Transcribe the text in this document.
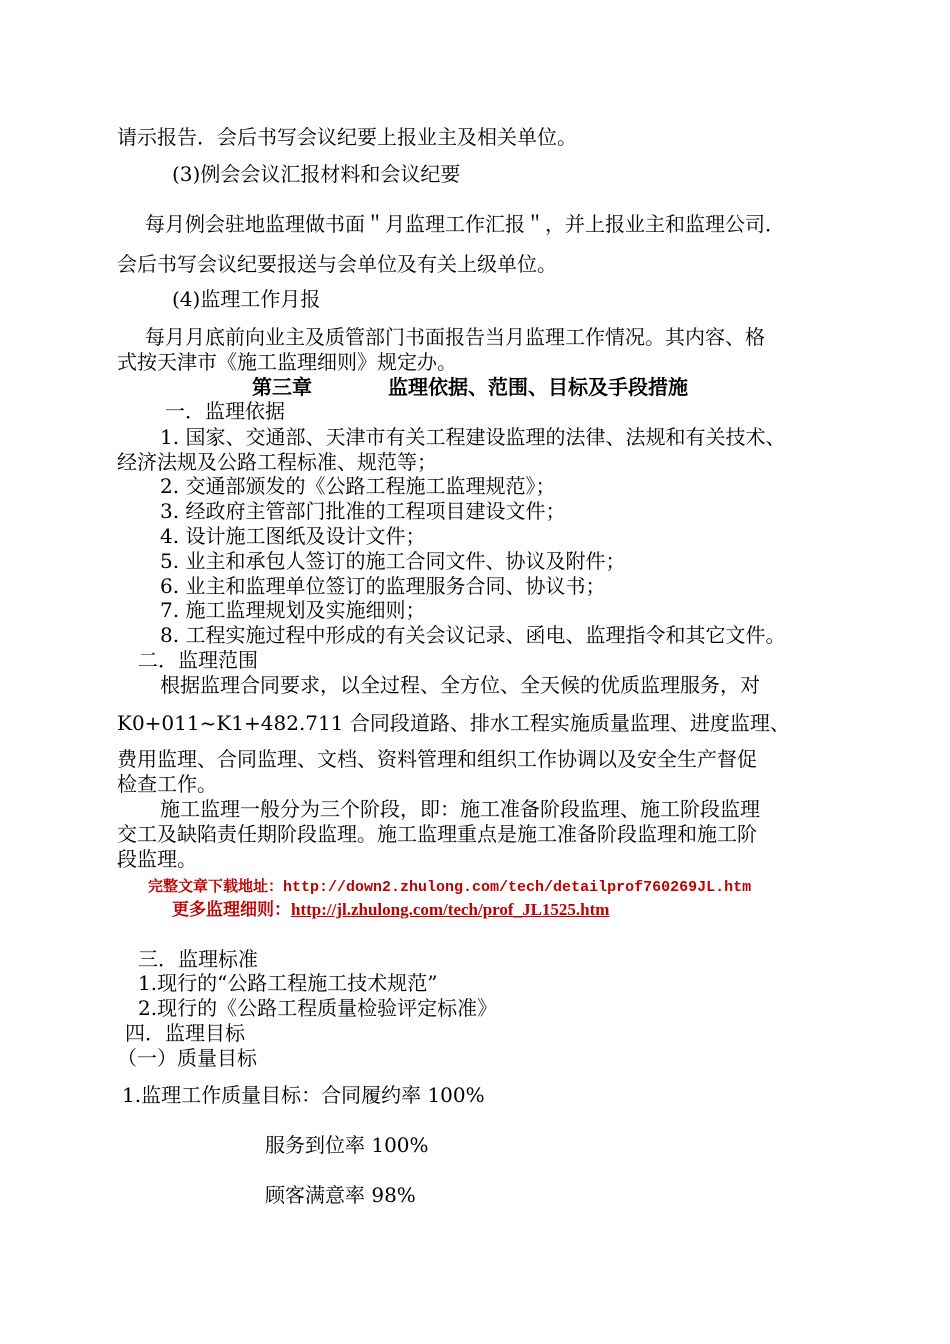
请示报告．会后书写会议纪要上报业主及相关单位。

(3)例会会议汇报材料和会议纪要

每月例会驻地监理做书面＂月监理工作汇报＂，并上报业主和监理公司．

会后书写会议纪要报送与会单位及有关上级单位。

(4)监理工作月报

每月月底前向业主及质管部门书面报告当月监理工作情况。其内容、格

式按天津市《施工监理细则》规定办。

第三章	监理依据、范围、目标及手段措施

一．监理依据

1. 国家、交通部、天津市有关工程建设监理的法律、法规和有关技术、

经济法规及公路工程标准、规范等；

2. 交通部颁发的《公路工程施工监理规范》；

3. 经政府主管部门批准的工程项目建设文件；

4. 设计施工图纸及设计文件；

5. 业主和承包人签订的施工合同文件、协议及附件；

6. 业主和监理单位签订的监理服务合同、协议书；

7. 施工监理规划及实施细则；

8. 工程实施过程中形成的有关会议记录、函电、监理指令和其它文件。

二．监理范围

根据监理合同要求，以全过程、全方位、全天候的优质监理服务，对

K0+011~K1+482.711 合同段道路、排水工程实施质量监理、进度监理、

费用监理、合同监理、文档、资料管理和组织工作协调以及安全生产督促

检查工作。

施工监理一般分为三个阶段，即：施工准备阶段监理、施工阶段监理

交工及缺陷责任期阶段监理。施工监理重点是施工准备阶段监理和施工阶

段监理。

完整文章下载地址：http://down2.zhulong.com/tech/detailprof760269JL.htm

更多监理细则：http://jl.zhulong.com/tech/prof_JL1525.htm

三．监理标准

1.现行的“公路工程施工技术规范”

2.现行的《公路工程质量检验评定标准》

四．监理目标

（一）质量目标

1.监理工作质量目标：合同履约率 100%

服务到位率 100%

顾客满意率 98%
